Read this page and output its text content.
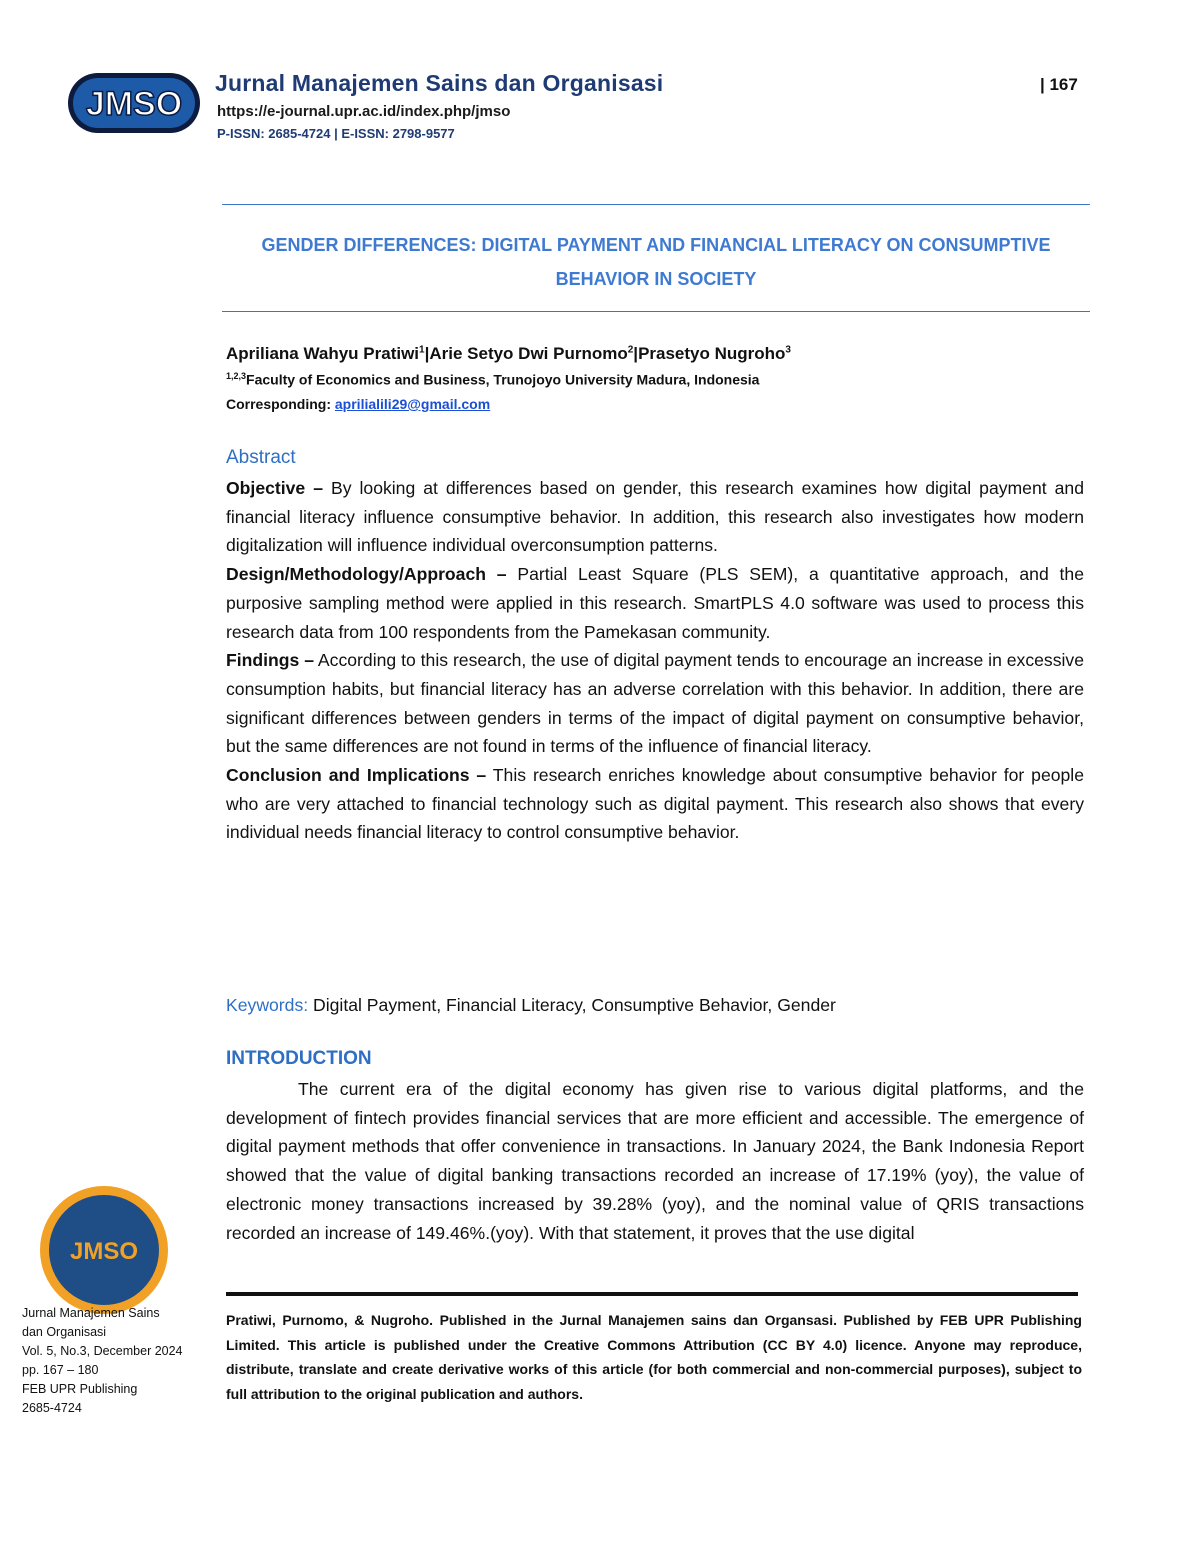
JMSO
Jurnal Manajemen Sains dan Organisasi
https://e-journal.upr.ac.id/index.php/jmso
P-ISSN: 2685-4724 | E-ISSN: 2798-9577
| 167
GENDER DIFFERENCES: DIGITAL PAYMENT AND FINANCIAL LITERACY ON CONSUMPTIVE
BEHAVIOR IN SOCIETY
Apriliana Wahyu Pratiwi$^1$|Arie Setyo Dwi Purnomo$^2$|Prasetyo Nugroho$^3$
$^{1,2,3}$Faculty of Economics and Business, Trunojoyo University Madura, Indonesia
Corresponding: aprilialili29@gmail.com
Abstract
Objective – By looking at differences based on gender, this research examines how digital payment and financial literacy influence consumptive behavior. In addition, this research also investigates how modern digitalization will influence individual overconsumption patterns.
Design/Methodology/Approach – Partial Least Square (PLS SEM), a quantitative approach, and the purposive sampling method were applied in this research. SmartPLS 4.0 software was used to process this research data from 100 respondents from the Pamekasan community.
Findings – According to this research, the use of digital payment tends to encourage an increase in excessive consumption habits, but financial literacy has an adverse correlation with this behavior. In addition, there are significant differences between genders in terms of the impact of digital payment on consumptive behavior, but the same differences are not found in terms of the influence of financial literacy.
Conclusion and Implications – This research enriches knowledge about consumptive behavior for people who are very attached to financial technology such as digital payment. This research also shows that every individual needs financial literacy to control consumptive behavior.
Keywords: Digital Payment, Financial Literacy, Consumptive Behavior, Gender
INTRODUCTION
The current era of the digital economy has given rise to various digital platforms, and the development of fintech provides financial services that are more efficient and accessible. The emergence of digital payment methods that offer convenience in transactions. In January 2024, the Bank Indonesia Report showed that the value of digital banking transactions recorded an increase of 17.19% (yoy), the value of electronic money transactions increased by 39.28% (yoy), and the nominal value of QRIS transactions recorded an increase of 149.46%.(yoy). With that statement, it proves that the use digital
Pratiwi, Purnomo, & Nugroho. Published in the Jurnal Manajemen sains dan Organsasi. Published by FEB UPR Publishing Limited. This article is published under the Creative Commons Attribution (CC BY 4.0) licence. Anyone may reproduce, distribute, translate and create derivative works of this article (for both commercial and non-commercial purposes), subject to full attribution to the original publication and authors.
JMSO
Jurnal Manajemen Sains
dan Organisasi
Vol. 5, No.3, December 2024
pp. 167 – 180
FEB UPR Publishing
2685-4724
